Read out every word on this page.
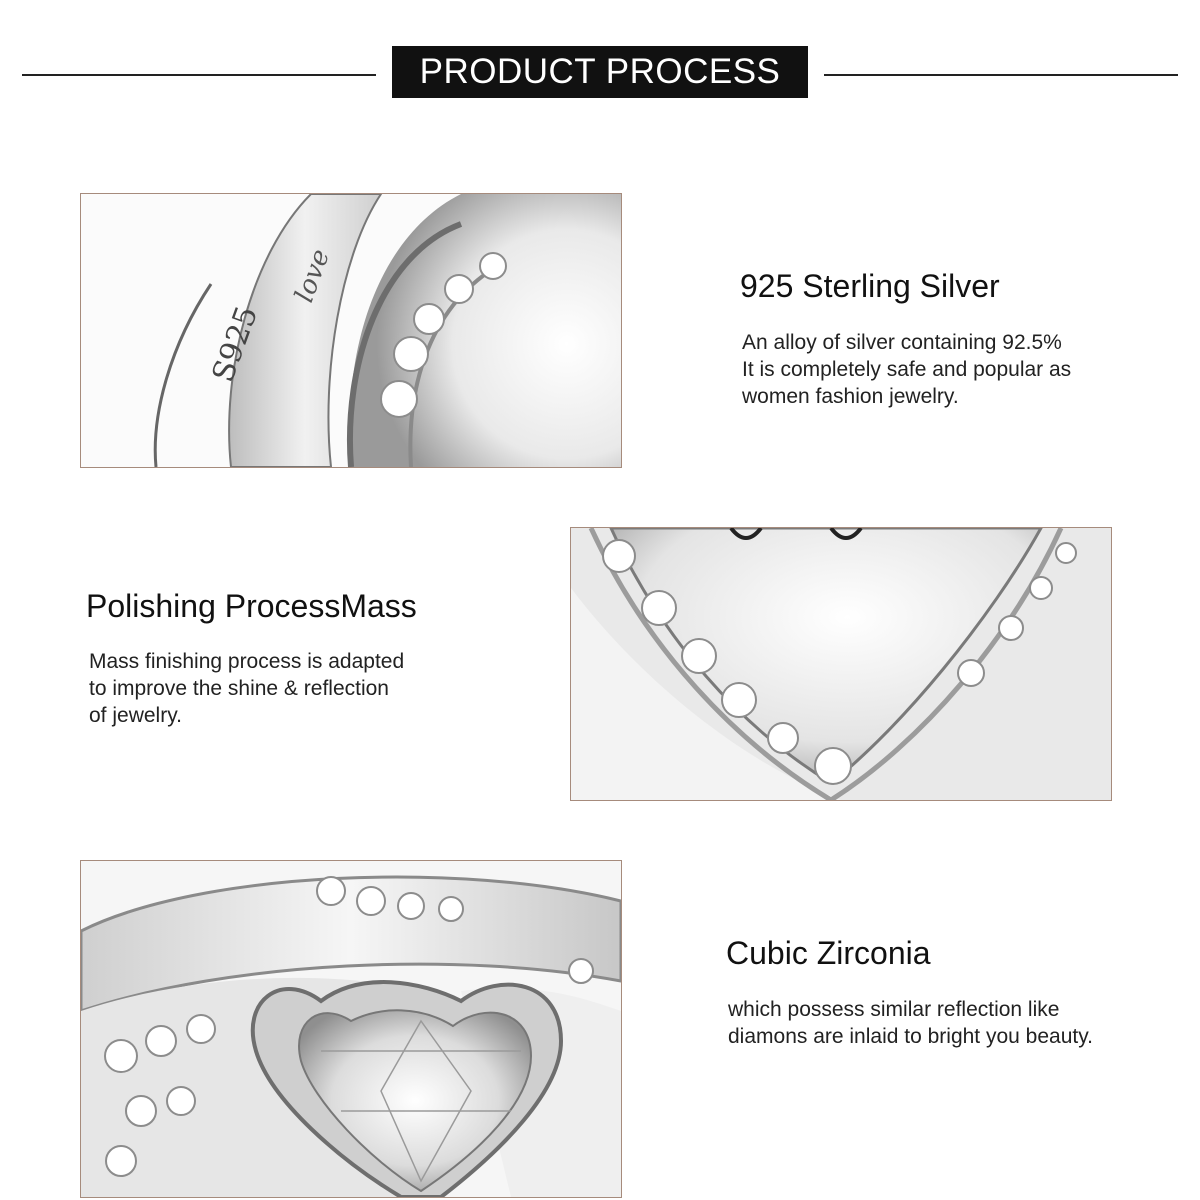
PRODUCT PROCESS
S925
love	925 Sterling Silver
An alloy of silver containing 92.5%
It is completely safe and popular as
women fashion jewelry.
Polishing ProcessMass
Mass finishing process is adapted
to improve the shine & reflection
of jewelry.
Cubic Zirconia
which possess similar reflection like
diamons are inlaid to bright you beauty.
